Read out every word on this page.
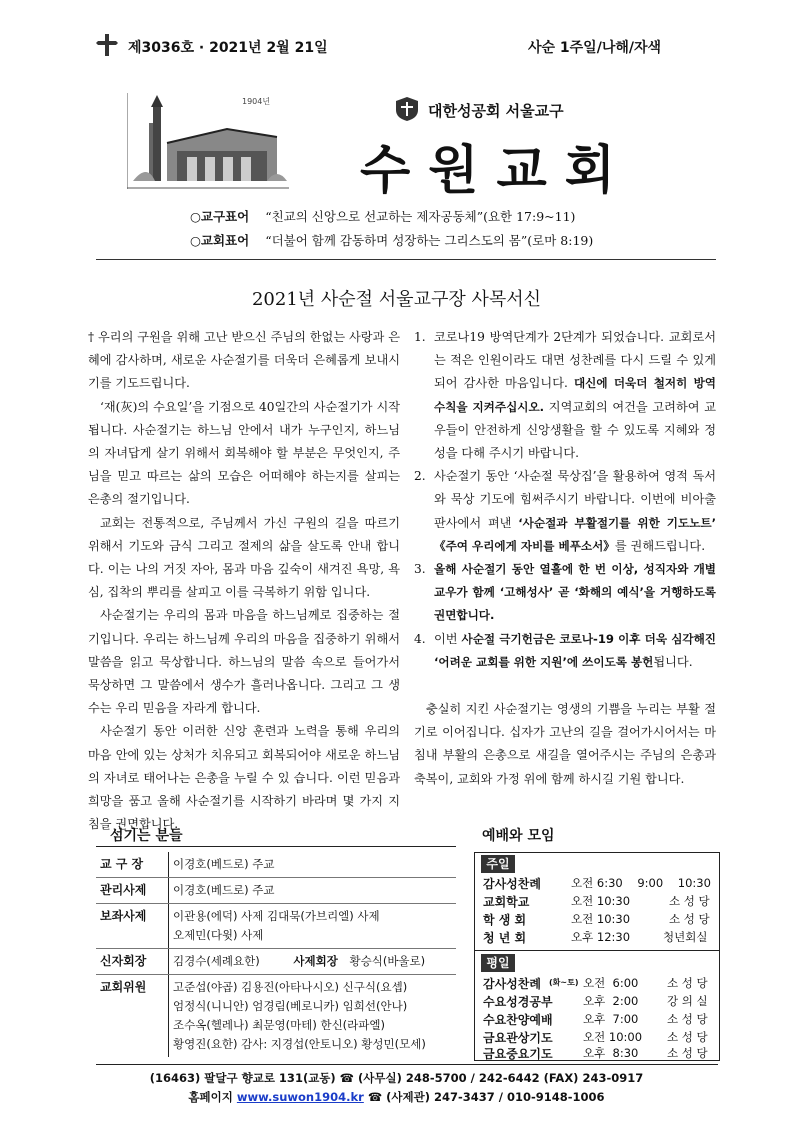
제3036호 · 2021년 2월 21일	사순 1주일/나해/자색
1904년
대한성공회 서울교구
수원교회
○교구표어 “친교의 신앙으로 선교하는 제자공동체”(요한 17:9~11)
○교회표어 “더불어 함께 감동하며 성장하는 그리스도의 몸”(로마 8:19)
2021년 사순절 서울교구장 사목서신

† 우리의 구원을 위해 고난 받으신 주님의 한없는 사랑과 은혜에 감사하며, 새로운 사순절기를 더욱더 은혜롭게 보내시기를 기도드립니다.

‘재(灰)의 수요일’을 기점으로 40일간의 사순절기가 시작됩니다. 사순절기는 하느님 안에서 내가 누구인지, 하느님의 자녀답게 살기 위해서 회복해야 할 부분은 무엇인지, 주님을 믿고 따르는 삶의 모습은 어떠해야 하는지를 살피는 은총의 절기입니다.

교회는 전통적으로, 주님께서 가신 구원의 길을 따르기 위해서 기도와 금식 그리고 절제의 삶을 살도록 안내 합니다. 이는 나의 거짓 자아, 몸과 마음 깊숙이 새겨진 욕망, 욕심, 집착의 뿌리를 살피고 이를 극복하기 위함 입니다.

사순절기는 우리의 몸과 마음을 하느님께로 집중하는 절기입니다. 우리는 하느님께 우리의 마음을 집중하기 위해서 말씀을 읽고 묵상합니다. 하느님의 말씀 속으로 들어가서 묵상하면 그 말씀에서 생수가 흘러나옵니다. 그리고 그 생수는 우리 믿음을 자라게 합니다.

사순절기 동안 이러한 신앙 훈련과 노력을 통해 우리의 마음 안에 있는 상처가 치유되고 회복되어야 새로운 하느님의 자녀로 태어나는 은총을 누릴 수 있 습니다. 이런 믿음과 희망을 품고 올해 사순절기를 시작하기 바라며 몇 가지 지침을 권면합니다.

1. 코로나19 방역단계가 2단계가 되었습니다. 교회로서는 적은 인원이라도 대면 성찬례를 다시 드릴 수 있게 되어 감사한 마음입니다. 대신에 더욱더 철저히 방역 수칙을 지켜주십시오. 지역교회의 여건을 고려하여 교우들이 안전하게 신앙생활을 할 수 있도록 지혜와 정성을 다해 주시기 바랍니다.
2. 사순절기 동안 ‘사순절 묵상집’을 활용하여 영적 독서와 묵상 기도에 힘써주시기 바랍니다. 이번에 비아출판사에서 펴낸 ‘사순절과 부활절기를 위한 기도노트’ 《주여 우리에게 자비를 베푸소서》를 권해드립니다.
3. 올해 사순절기 동안 열흘에 한 번 이상, 성직자와 개별 교우가 함께 ‘고해성사’ 곧 ‘화해의 예식’을 거행하도록 권면합니다.
4. 이번 사순절 극기헌금은 코로나-19 이후 더욱 심각해진 ‘어려운 교회를 위한 지원’에 쓰이도록 봉헌됩니다.

충실히 지킨 사순절기는 영생의 기쁨을 누리는 부활 절기로 이어집니다. 십자가 고난의 길을 걸어가시어서는 마침내 부활의 은총으로 새길을 열어주시는 주님의 은총과 축복이, 교회와 가정 위에 함께 하시길 기원 합니다.

섬기는 분들
교 구 장	이경호(베드로) 주교
관리사제	이경호(베드로) 주교
보좌사제	이관용(에덕) 사제 김대묵(가브리엘) 사제
오제민(다윗) 사제
신자회장	김경수(세례요한) 사제회장 황승식(바울로)
교회위원	고준섭(야곱) 김용진(아타나시오) 신구식(요셉)
엄정식(니니안) 엄경림(베로니카) 임희선(안나)
조수옥(헬레나) 최문영(마테) 한신(라파엘)
황영진(요한) 감사: 지경섭(안토니오) 황성민(모세)
예배와 모임
주일
감사성찬례	오전 6:30    9:00    10:30
교회학교	오전 10:30	소 성 당
학 생 회	오전 10:30	소 성 당
청 년 회	오후 12:30	청년회실
평일
감사성찬례 (화~토) 오전  6:00 소 성 당
수요성경공부	오후  2:00 강 의 실
수요찬양예배	오후  7:00 소 성 당
금요관상기도	오전 10:00 소 성 당
금요중요기도	오후  8:30 소 성 당
(16463) 팔달구 향교로 131(교동) ☎ (사무실) 248-5700 / 242-6442 (FAX) 243-0917
홈페이지 www.suwon1904.kr ☎ (사제관) 247-3437 / 010-9148-1006
